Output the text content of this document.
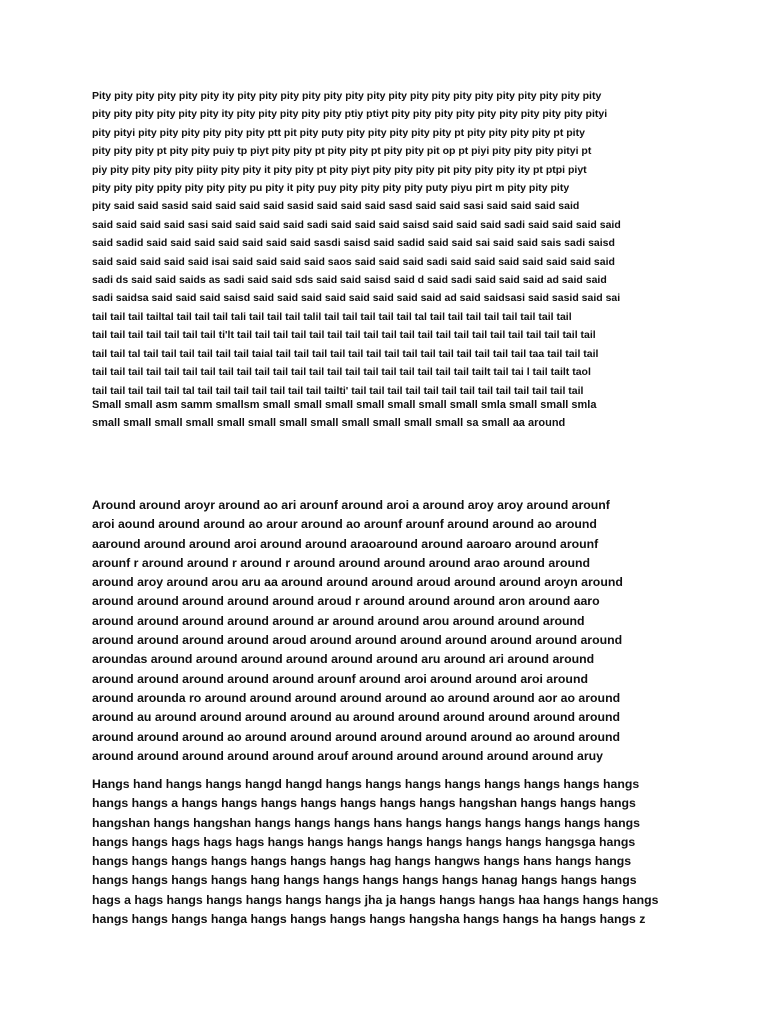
Pity pity pity pity pity pity ity pity pity pity pity pity pity pity pity pity pity pity pity pity pity pity pity pity
pity pity pity pity pity pity ity pity pity pity pity pity ptiy ptiyt pity pity pity pity pity pity pity pity pity pityi
pity pityi pity pity pity pity pity pity ptt pit pity puty pity pity pity pity pity pt pity pity pity pity pt pity
pity pity pity pt pity pity puiy tp piyt pity pity pt pity pity pt pity pity pit op pt piyi pity pity pity pityi pt
piy pity pity pity pity piity pity pity it pity pity pt pity piyt pity pity pity pit pity pity pity ity pt ptpi piyt
pity pity pity ppity pity pity pity pu pity it pity puy pity pity pity pity puty piyu pirt m pity pity pity
pity said said sasid said said said said sasid said said said sasd said said sasi said said said said
said said said said sasi said said said said sadi said said said saisd said said said sadi said said said said
said sadid said said said said said said said sasdi saisd said sadid said said sai said said sais sadi saisd
said said said said said isai said said said said saos said said said sadi said said said said said said said
sadi ds said said saids as sadi said said sds said said saisd said d said sadi said said said ad said said
sadi saidsa said said said saisd said said said said said said said said ad said saidsasi said sasid said sai
tail tail tail tailtal tail tail tail tali tail tail tail talil tail tail tail tail tail tal tail tail tail tail tail tail tail tail
tail tail tail tail tail tail tail ti'lt tail tail tail tail tail tail tail tail tail tail tail tail tail tail tail tail tail tail tail tail
tail tail tal tail tail tail tail tail tail taial tail tail tail tail tail tail tail tail tail tail tail tail tail tail taa tail tail tail
tail tail tail tail tail tail tail tail tail tail tail tail tail tail tail tail tail tail tail tail tail tailt tail tai l tail tailt taol
tail tail tail tail tail tal tail tail tail tail tail tail tail tailti' tail tail tail tail tail tail tail tail tail tail tail tail tail

Small small asm samm smallsm small small small small small small small smla small small smla
small small small small small small small small small small small small sa small aa around

Around around aroyr around ao ari arounf around aroi a around aroy aroy around arounf
aroi aound around around ao arour around ao arounf arounf around around ao around
aaround around around aroi around around araoaround around aaroaro around arounf
arounf r around around r around r around around around around arao around around
around aroy around arou aru aa around around around aroud around around aroyn around
around around around around around aroud r around around around aron around aaro
around around around around around ar around around arou around around around
around around around around aroud around around around around around around around
aroundas around around around around around around aru around ari around around
around around around around around arounf around aroi around around aroi around
around arounda ro around around around around around ao around around aor ao around
around au around around around around au around around around around around around
around around around ao around around around around around around ao around around
around around around around around arouf around around around around around aruy

Hangs hand hangs hangs hangd hangd hangs hangs hangs hangs hangs hangs hangs hangs
hangs hangs a hangs hangs hangs hangs hangs hangs hangs hangshan hangs hangs hangs
hangshan hangs hangshan hangs hangs hangs hans hangs hangs hangs hangs hangs hangs
hangs hangs hags hags hags hangs hangs hangs hangs hangs hangs hangs hangsga hangs
hangs hangs hangs hangs hangs hangs hangs hag hangs hangws hangs hans hangs hangs
hangs hangs hangs hangs hang hangs hangs hangs hangs hangs hanag hangs hangs hangs
hags a hags hangs hangs hangs hangs hangs jha ja hangs hangs hangs haa hangs hangs hangs
hangs hangs hangs hanga hangs hangs hangs hangs hangsha hangs hangs ha hangs hangs z
